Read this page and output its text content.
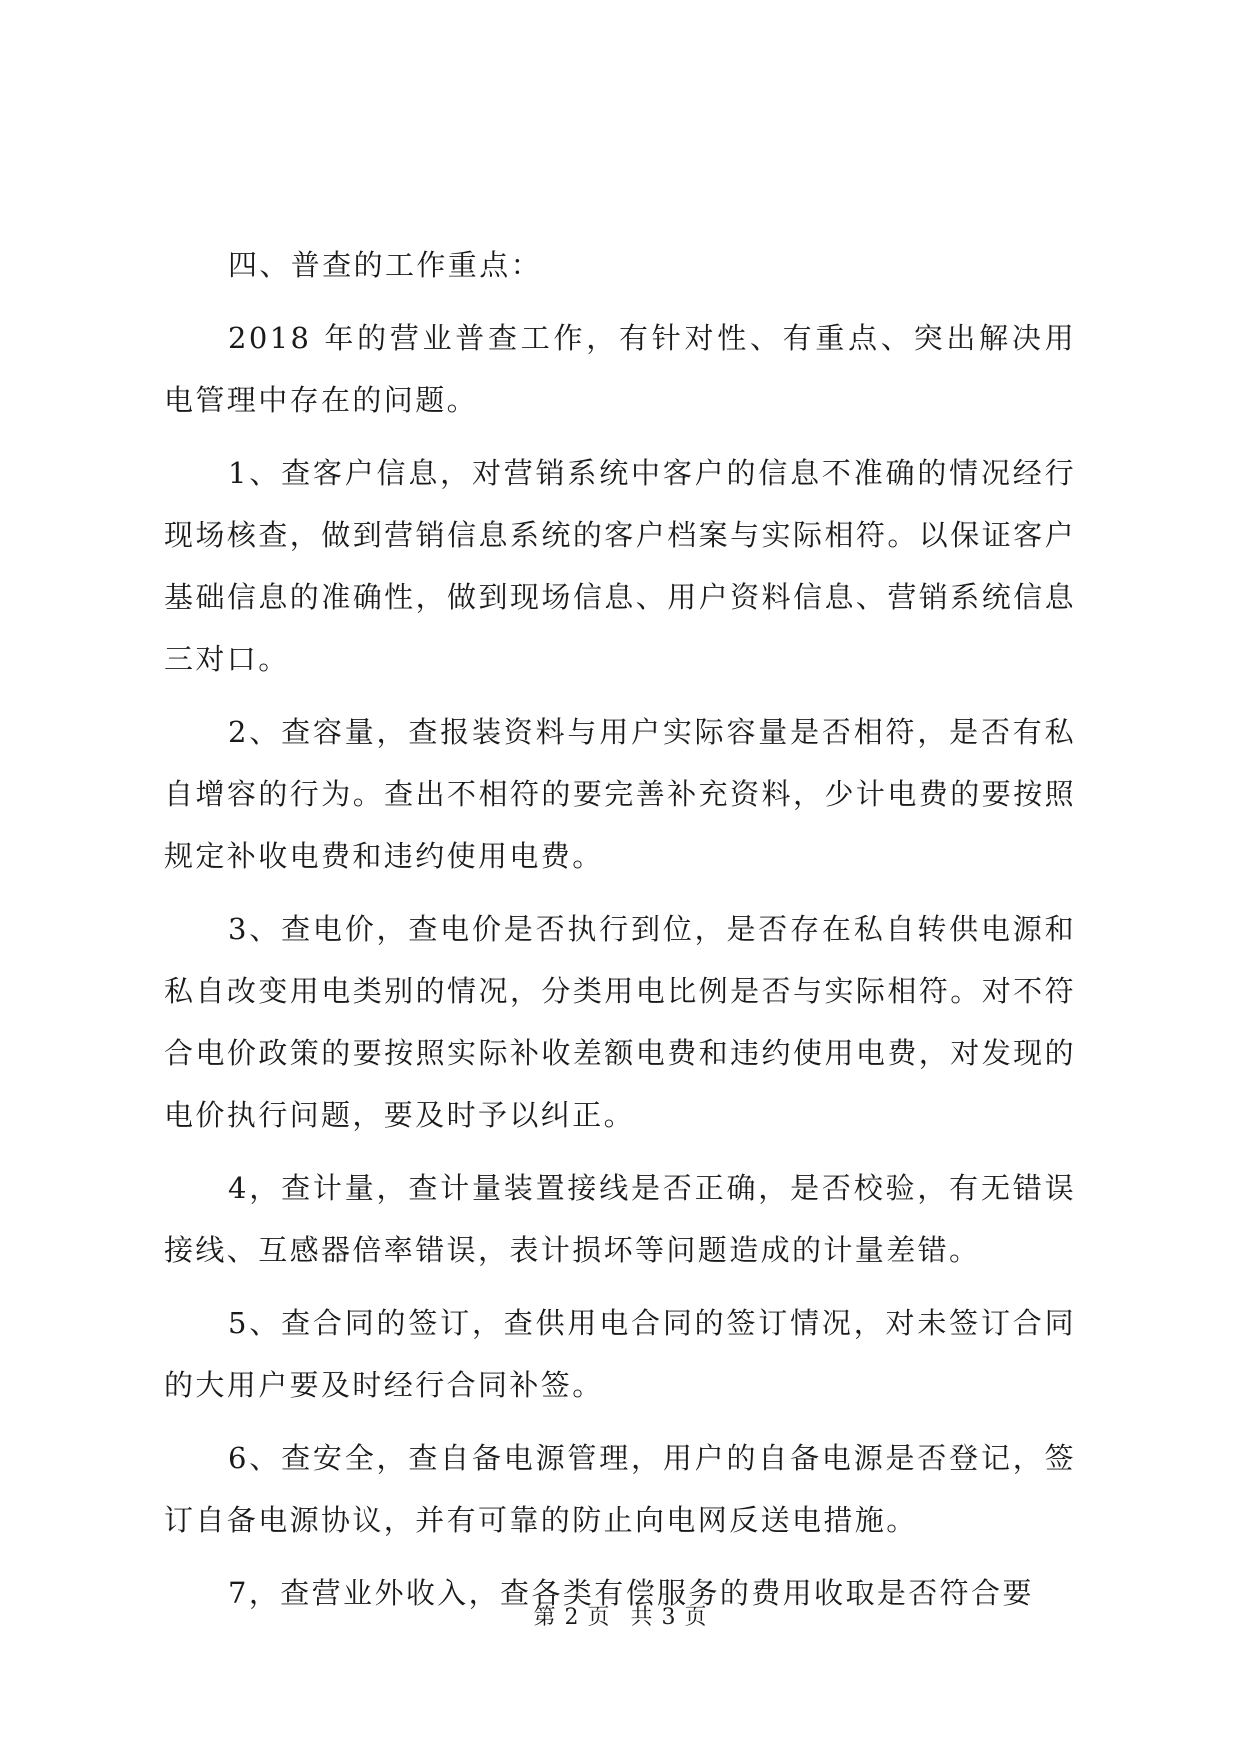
四、普查的工作重点：

2018 年的营业普查工作，有针对性、有重点、突出解决用电管理中存在的问题。

1、查客户信息，对营销系统中客户的信息不准确的情况经行现场核查，做到营销信息系统的客户档案与实际相符。以保证客户基础信息的准确性，做到现场信息、用户资料信息、营销系统信息三对口。

2、查容量，查报装资料与用户实际容量是否相符，是否有私自增容的行为。查出不相符的要完善补充资料，少计电费的要按照规定补收电费和违约使用电费。

3、查电价，查电价是否执行到位，是否存在私自转供电源和私自改变用电类别的情况，分类用电比例是否与实际相符。对不符合电价政策的要按照实际补收差额电费和违约使用电费，对发现的电价执行问题，要及时予以纠正。

4，查计量，查计量装置接线是否正确，是否校验，有无错误接线、互感器倍率错误，表计损坏等问题造成的计量差错。

5、查合同的签订，查供用电合同的签订情况，对未签订合同的大用户要及时经行合同补签。

6、查安全，查自备电源管理，用户的自备电源是否登记，签订自备电源协议，并有可靠的防止向电网反送电措施。

7，查营业外收入，查各类有偿服务的费用收取是否符合要

第 2 页 共 3 页
